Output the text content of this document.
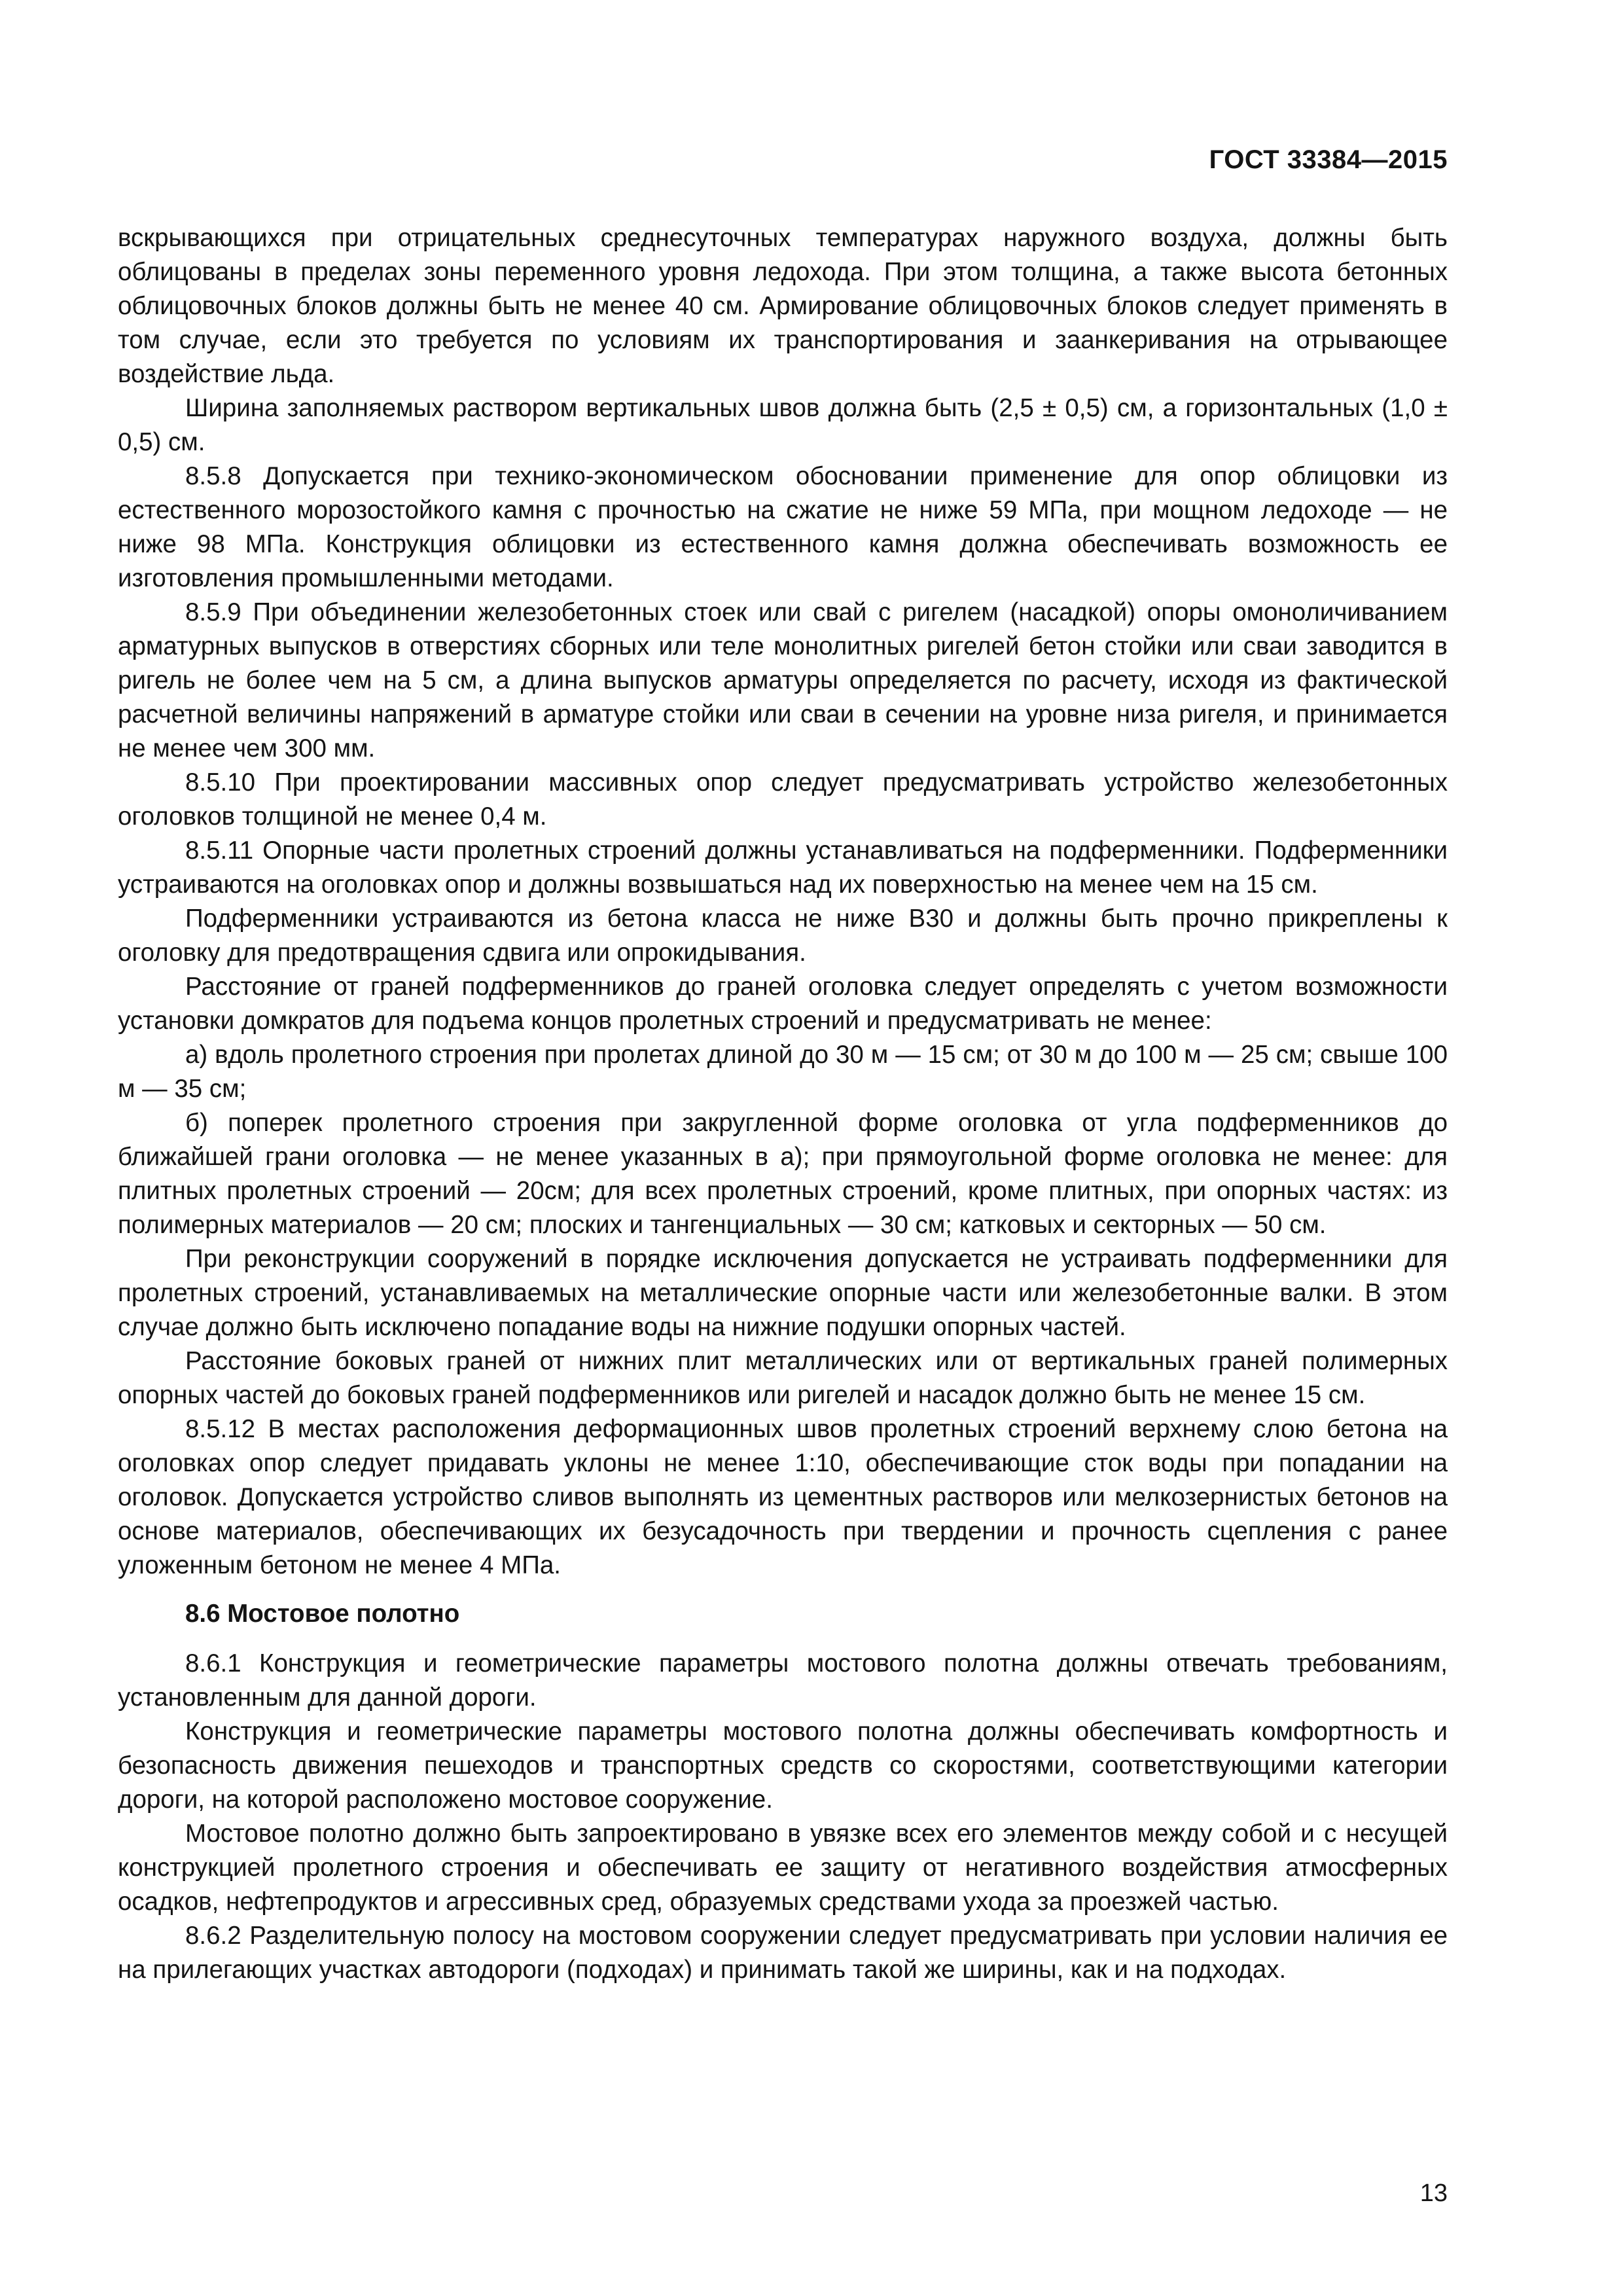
ГОСТ 33384—2015

вскрывающихся при отрицательных среднесуточных температурах наружного воздуха, должны быть облицованы в пределах зоны переменного уровня ледохода. При этом толщина, а также высота бетонных облицовочных блоков должны быть не менее 40 см. Армирование облицовочных блоков следует применять в том случае, если это требуется по условиям их транспортирования и заанкеривания на отрывающее воздействие льда.

Ширина заполняемых раствором вертикальных швов должна быть (2,5 ± 0,5) см, а горизонтальных (1,0 ± 0,5) см.

8.5.8 Допускается при технико-экономическом обосновании применение для опор облицовки из естественного морозостойкого камня с прочностью на сжатие не ниже 59 МПа, при мощном ледоходе — не ниже 98 МПа. Конструкция облицовки из естественного камня должна обеспечивать возможность ее изготовления промышленными методами.

8.5.9 При объединении железобетонных стоек или свай с ригелем (насадкой) опоры омоноличиванием арматурных выпусков в отверстиях сборных или теле монолитных ригелей бетон стойки или сваи заводится в ригель не более чем на 5 см, а длина выпусков арматуры определяется по расчету, исходя из фактической расчетной величины напряжений в арматуре стойки или сваи в сечении на уровне низа ригеля, и принимается не менее чем 300 мм.

8.5.10 При проектировании массивных опор следует предусматривать устройство железобетонных оголовков толщиной не менее 0,4 м.

8.5.11 Опорные части пролетных строений должны устанавливаться на подферменники. Подферменники устраиваются на оголовках опор и должны возвышаться над их поверхностью на менее чем на 15 см.

Подферменники устраиваются из бетона класса не ниже В30 и должны быть прочно прикреплены к оголовку для предотвращения сдвига или опрокидывания.

Расстояние от граней подферменников до граней оголовка следует определять с учетом возможности установки домкратов для подъема концов пролетных строений и предусматривать не менее:

а) вдоль пролетного строения при пролетах длиной до 30 м — 15 см; от 30 м до 100 м — 25 см; свыше 100 м — 35 см;

б) поперек пролетного строения при закругленной форме оголовка от угла подферменников до ближайшей грани оголовка — не менее указанных в а); при прямоугольной форме оголовка не менее: для плитных пролетных строений — 20см; для всех пролетных строений, кроме плитных, при опорных частях: из полимерных материалов — 20 см; плоских и тангенциальных — 30 см; катковых и секторных — 50 см.

При реконструкции сооружений в порядке исключения допускается не устраивать подферменники для пролетных строений, устанавливаемых на металлические опорные части или железобетонные валки. В этом случае должно быть исключено попадание воды на нижние подушки опорных частей.

Расстояние боковых граней от нижних плит металлических или от вертикальных граней полимерных опорных частей до боковых граней подферменников или ригелей и насадок должно быть не менее 15 см.

8.5.12 В местах расположения деформационных швов пролетных строений верхнему слою бетона на оголовках опор следует придавать уклоны не менее 1:10, обеспечивающие сток воды при попадании на оголовок. Допускается устройство сливов выполнять из цементных растворов или мелкозернистых бетонов на основе материалов, обеспечивающих их безусадочность при твердении и прочность сцепления с ранее уложенным бетоном не менее 4 МПа.

8.6 Мостовое полотно

8.6.1 Конструкция и геометрические параметры мостового полотна должны отвечать требованиям, установленным для данной дороги.

Конструкция и геометрические параметры мостового полотна должны обеспечивать комфортность и безопасность движения пешеходов и транспортных средств со скоростями, соответствующими категории дороги, на которой расположено мостовое сооружение.

Мостовое полотно должно быть запроектировано в увязке всех его элементов между собой и с несущей конструкцией пролетного строения и обеспечивать ее защиту от негативного воздействия атмосферных осадков, нефтепродуктов и агрессивных сред, образуемых средствами ухода за проезжей частью.

8.6.2 Разделительную полосу на мостовом сооружении следует предусматривать при условии наличия ее на прилегающих участках автодороги (подходах) и принимать такой же ширины, как и на подходах.

13
